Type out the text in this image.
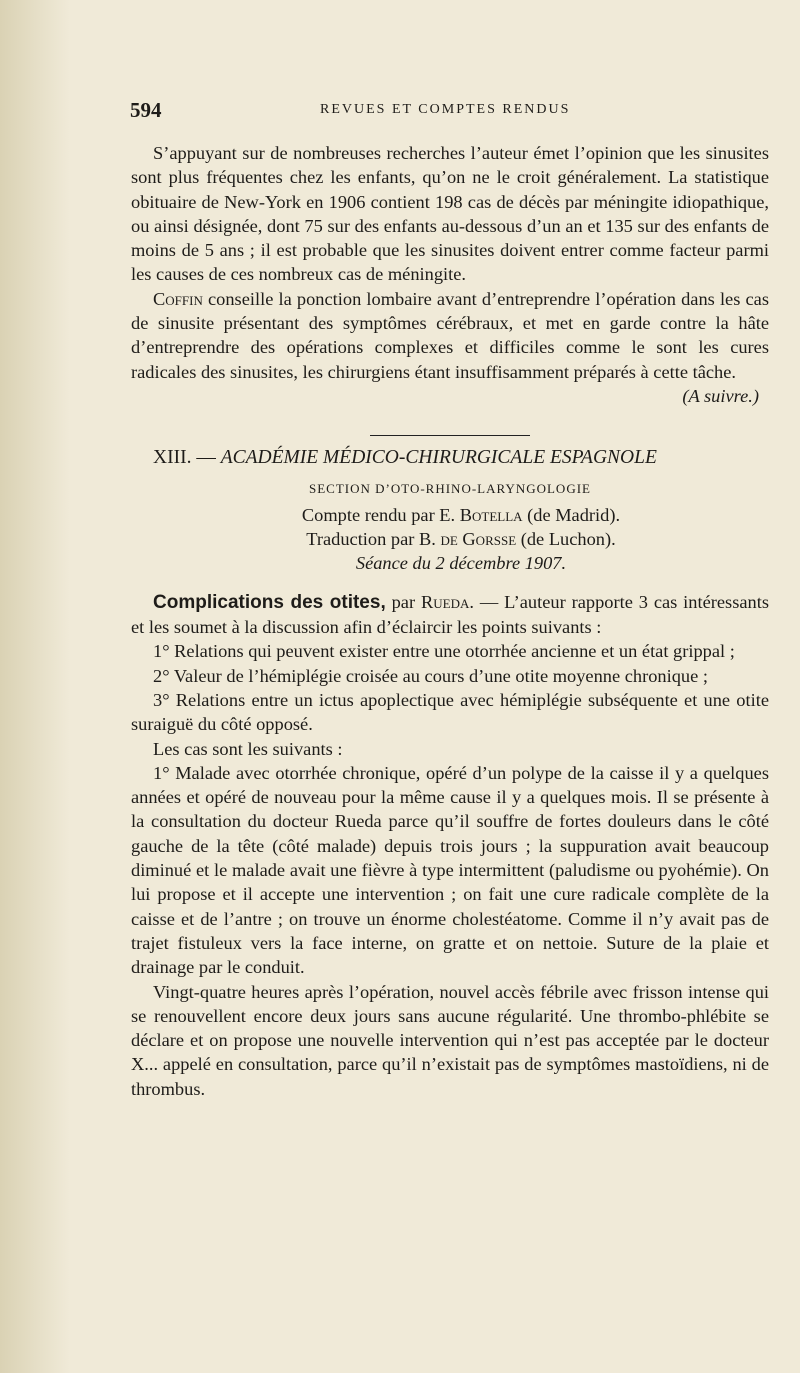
594	REVUES ET COMPTES RENDUS

S’appuyant sur de nombreuses recherches l’auteur émet l’opinion que les sinusites sont plus fréquentes chez les enfants, qu’on ne le croit généralement. La statistique obituaire de New-York en 1906 contient 198 cas de décès par méningite idiopathique, ou ainsi désignée, dont 75 sur des enfants au-dessous d’un an et 135 sur des enfants de moins de 5 ans ; il est probable que les sinusites doivent entrer comme facteur parmi les causes de ces nombreux cas de méningite.

Coffin conseille la ponction lombaire avant d’entreprendre l’opération dans les cas de sinusite présentant des symptômes cérébraux, et met en garde contre la hâte d’entreprendre des opérations complexes et difficiles comme le sont les cures radicales des sinusites, les chirurgiens étant insuffisamment préparés à cette tâche.

(A suivre.)

XIII. — ACADÉMIE MÉDICO-CHIRURGICALE ESPAGNOLE

SECTION D’OTO-RHINO-LARYNGOLOGIE

Compte rendu par E. Botella (de Madrid).

Traduction par B. de Gorsse (de Luchon).

Séance du 2 décembre 1907.

Complications des otites, par Rueda. — L’auteur rapporte 3 cas intéressants et les soumet à la discussion afin d’éclaircir les points suivants :

1° Relations qui peuvent exister entre une otorrhée ancienne et un état grippal ;

2° Valeur de l’hémiplégie croisée au cours d’une otite moyenne chronique ;

3° Relations entre un ictus apoplectique avec hémiplégie subséquente et une otite suraiguë du côté opposé.

Les cas sont les suivants :

1° Malade avec otorrhée chronique, opéré d’un polype de la caisse il y a quelques années et opéré de nouveau pour la même cause il y a quelques mois. Il se présente à la consultation du docteur Rueda parce qu’il souffre de fortes douleurs dans le côté gauche de la tête (côté malade) depuis trois jours ; la suppuration avait beaucoup diminué et le malade avait une fièvre à type intermittent (paludisme ou pyohémie). On lui propose et il accepte une intervention ; on fait une cure radicale complète de la caisse et de l’antre ; on trouve un énorme cholestéatome. Comme il n’y avait pas de trajet fistuleux vers la face interne, on gratte et on nettoie. Suture de la plaie et drainage par le conduit.

Vingt-quatre heures après l’opération, nouvel accès fébrile avec frisson intense qui se renouvellent encore deux jours sans aucune régularité. Une thrombo-phlébite se déclare et on propose une nouvelle intervention qui n’est pas acceptée par le docteur X... appelé en consultation, parce qu’il n’existait pas de symptômes mastoïdiens, ni de thrombus.
